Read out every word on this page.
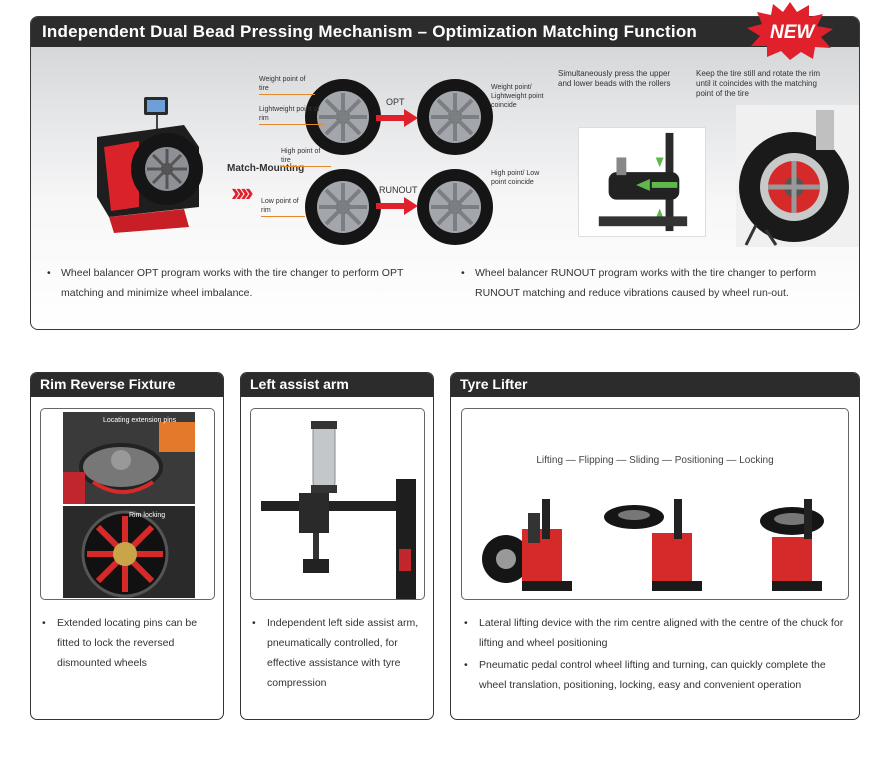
Independent Dual Bead Pressing Mechanism – Optimization Matching Function
Match-Mounting
››››
Weight point of tire
Lightweight point of rim
OPT
Weight point/ Lightweight point coincide
High point of tire
Low point of rim
RUNOUT
High point/ Low point coincide
Simultaneously press the upper and lower beads with the rollers
Keep the tire still and rotate the rim until it coincides with the matching point of the tire
• Wheel balancer OPT program works with the tire changer to perform OPT matching and minimize wheel imbalance.
• Wheel balancer RUNOUT program works with the tire changer to perform RUNOUT matching and reduce vibrations caused by wheel run-out.
NEW
Rim Reverse Fixture
Locating extension pins
Rim locking
• Extended locating pins can be fitted to lock the reversed dismounted wheels
Left assist arm
• Independent left side assist arm, pneumatically controlled, for effective assistance with tyre compression
Tyre Lifter
Lifting — Flipping — Sliding — Positioning — Locking
• Lateral lifting device with the rim centre aligned with the centre of the chuck for lifting and wheel positioning
• Pneumatic pedal control wheel lifting and turning, can quickly complete the wheel translation, positioning, locking, easy and convenient operation
